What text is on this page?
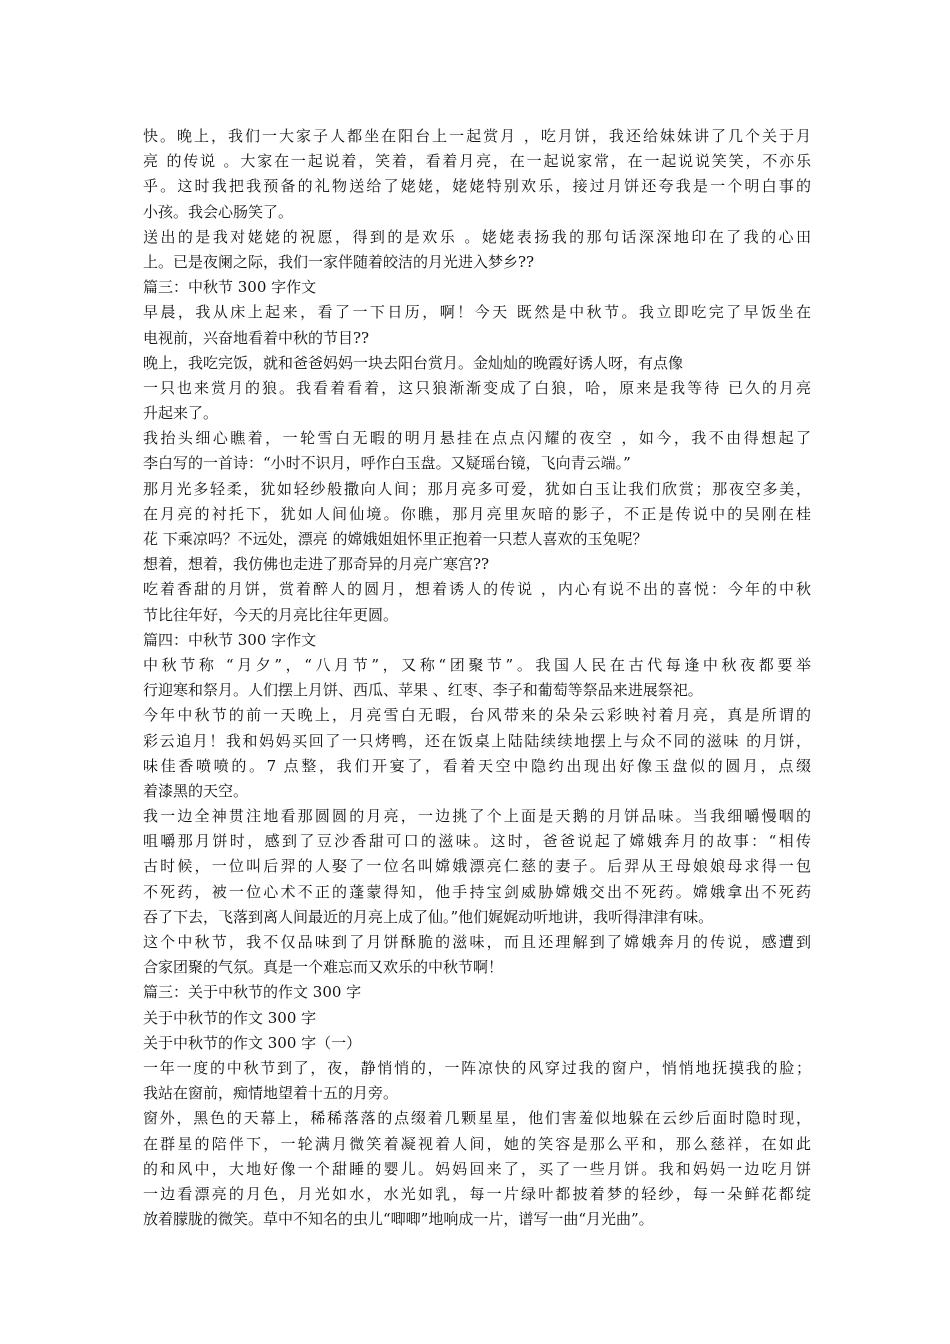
快。晚上，我们一大家子人都坐在阳台上一起赏月 ，吃月饼，我还给妹妹讲了几个关于月
亮 的传说 。大家在一起说着，笑着，看着月亮，在一起说家常，在一起说说笑笑，不亦乐
乎。这时我把我预备的礼物送给了姥姥，姥姥特别欢乐，接过月饼还夸我是一个明白事的
小孩。我会心肠笑了。
送出的是我对姥姥的祝愿，得到的是欢乐 。姥姥表扬我的那句话深深地印在了我的心田
上。已是夜阑之际，我们一家伴随着皎洁的月光进入梦乡??
篇三：中秋节 300 字作文
早晨，我从床上起来，看了一下日历，啊！今天 既然是中秋节。我立即吃完了早饭坐在
电视前，兴奋地看着中秋的节目??
晚上，我吃完饭，就和爸爸妈妈一块去阳台赏月。金灿灿的晚霞好诱人呀，有点像
一只也来赏月的狼。我看着看着，这只狼渐渐变成了白狼，哈，原来是我等待 已久的月亮
升起来了。
我抬头细心瞧着，一轮雪白无暇的明月悬挂在点点闪耀的夜空 ，如今，我不由得想起了
李白写的一首诗：“小时不识月，呼作白玉盘。又疑瑶台镜，飞向青云端。”
那月光多轻柔，犹如轻纱般撒向人间；那月亮多可爱，犹如白玉让我们欣赏；那夜空多美，
在月亮的衬托下，犹如人间仙境。你瞧，那月亮里灰暗的影子，不正是传说中的吴刚在桂
花 下乘凉吗？不远处，漂亮 的嫦娥姐姐怀里正抱着一只惹人喜欢的玉兔呢？
想着，想着，我仿佛也走进了那奇异的月亮广寒宫??
吃着香甜的月饼，赏着醉人的圆月，想着诱人的传说 ，内心有说不出的喜悦：今年的中秋
节比往年好，今天的月亮比往年更圆。
篇四：中秋节 300 字作文
中秋节称 “月夕”，“八月节”，又称“团聚节”。我国人民在古代每逢中秋夜都要举
行迎寒和祭月。人们摆上月饼、西瓜、苹果 、红枣、李子和葡萄等祭品来进展祭祀。
今年中秋节的前一天晚上，月亮雪白无暇，台风带来的朵朵云彩映衬着月亮，真是所谓的
彩云追月！我和妈妈买回了一只烤鸭，还在饭桌上陆陆续续地摆上与众不同的滋味 的月饼，
味佳香喷喷的。7 点整，我们开宴了，看着天空中隐约出现出好像玉盘似的圆月，点缀
着漆黑的天空。
我一边全神贯注地看那圆圆的月亮，一边挑了个上面是天鹅的月饼品味。当我细嚼慢咽的
咀嚼那月饼时，感到了豆沙香甜可口的滋味。这时，爸爸说起了嫦娥奔月的故事：“相传
古时候，一位叫后羿的人娶了一位名叫嫦娥漂亮仁慈的妻子。后羿从王母娘娘母求得一包
不死药，被一位心术不正的蓬蒙得知，他手持宝剑威胁嫦娥交出不死药。嫦娥拿出不死药
吞了下去，飞落到离人间最近的月亮上成了仙。”他们娓娓动听地讲，我听得津津有味。
这个中秋节，我不仅品味到了月饼酥脆的滋味，而且还理解到了嫦娥奔月的传说，感遭到
合家团聚的气氛。真是一个难忘而又欢乐的中秋节啊！
篇三：关于中秋节的作文 300 字
关于中秋节的作文 300 字
关于中秋节的作文 300 字（一）
一年一度的中秋节到了，夜，静悄悄的，一阵凉快的风穿过我的窗户，悄悄地抚摸我的脸；
我站在窗前，痴情地望着十五的月旁。
窗外，黑色的天幕上，稀稀落落的点缀着几颗星星，他们害羞似地躲在云纱后面时隐时现，
在群星的陪伴下，一轮满月微笑着凝视着人间，她的笑容是那么平和，那么慈祥，在如此
的和风中，大地好像一个甜睡的婴儿。妈妈回来了，买了一些月饼。我和妈妈一边吃月饼
一边看漂亮的月色，月光如水，水光如乳，每一片绿叶都披着梦的轻纱，每一朵鲜花都绽
放着朦胧的微笑。草中不知名的虫儿“唧唧”地响成一片，谱写一曲“月光曲”。
